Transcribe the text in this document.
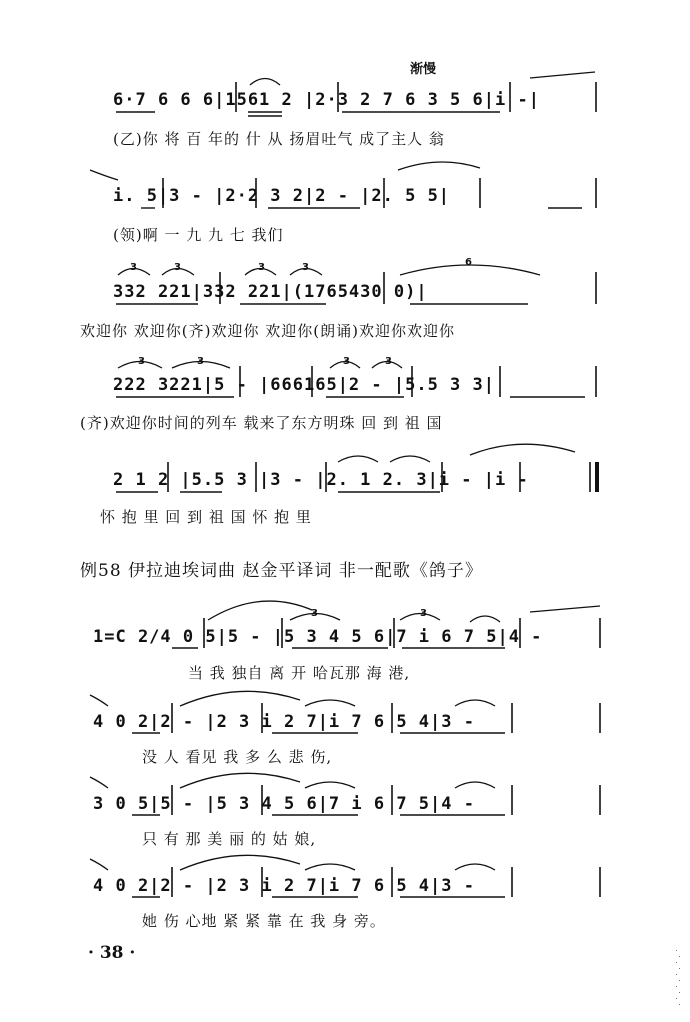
渐慢
6·7 6 6 6|1561 2 |2·3 2 7 6 3 5 6|i -|
(乙)你 将 百 年的 什 从 扬眉吐气 成了主人 翁
i. 5|3 - |2·2 3 2|2 - |2. 5 5|
(领)啊 一 九 九 七 我们
332 221|332 221|(1765430 0)|
欢迎你 欢迎你(齐)欢迎你 欢迎你(朗诵)欢迎你欢迎你
222 3221|5 - |666165|2 - |5.5 3 3|
(齐)欢迎你时间的列车 载来了东方明珠 回 到 祖 国
2 1 2 |5.5 3 |3 - |2. 1 2. 3|i - |i -
怀 抱 里 回 到 祖 国 怀 抱 里
例58 伊拉迪埃词曲 赵金平译词 非一配歌《鸽子》
1=C 2/4 0 5|5 - |5 3 4 5 6|7 i 6 7 5|4 -
当 我 独自 离 开 哈瓦那 海 港,
4 0 2|2 - |2 3 i 2 7|i 7 6 5 4|3 -
没 人 看见 我 多 么 悲 伤,
3 0 5|5 - |5 3 4 5 6|7 i 6 7 5|4 -
只 有 那 美 丽 的 姑 娘,
4 0 2|2 - |2 3 i 2 7|i 7 6 5 4|3 -
她 伤 心地 紧 紧 靠 在 我 身 旁。
· 38 ·
3	3	3	3	6
3	3	3	3
3	3
